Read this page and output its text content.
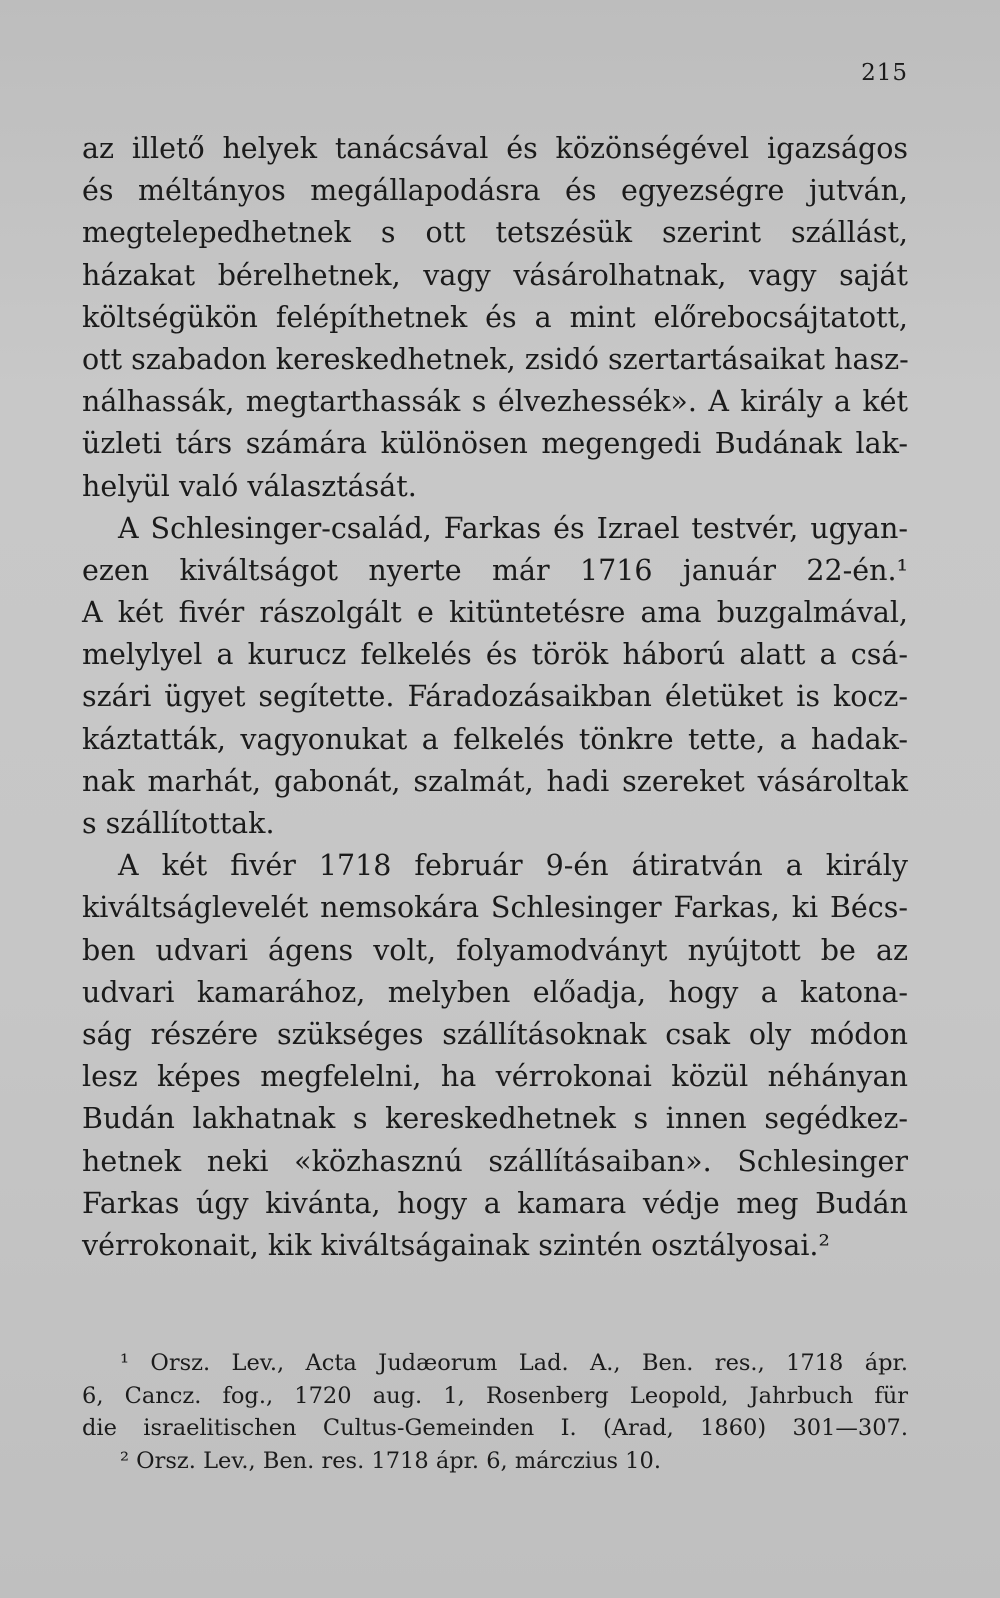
215
az illető helyek tanácsával és közönségével igazságos
és méltányos megállapodásra és egyezségre jutván,
megtelepedhetnek s ott tetszésük szerint szállást,
házakat bérelhetnek, vagy vásárolhatnak, vagy saját
költségükön felépíthetnek és a mint előrebocsájtatott,
ott szabadon kereskedhetnek, zsidó szertartásaikat hasz-
nálhassák, megtarthassák s élvezhessék». A király a két
üzleti társ számára különösen megengedi Budának lak-
helyül való választását.
A Schlesinger-család, Farkas és Izrael testvér, ugyan-
ezen kiváltságot nyerte már 1716 január 22-én.¹
A két fivér rászolgált e kitüntetésre ama buzgalmával,
melylyel a kurucz felkelés és török háború alatt a csá-
szári ügyet segítette. Fáradozásaikban életüket is kocz-
káztatták, vagyonukat a felkelés tönkre tette, a hadak-
nak marhát, gabonát, szalmát, hadi szereket vásároltak
s szállítottak.
A két fivér 1718 február 9-én átiratván a király
kiváltságlevelét nemsokára Schlesinger Farkas, ki Bécs-
ben udvari ágens volt, folyamodványt nyújtott be az
udvari kamarához, melyben előadja, hogy a katona-
ság részére szükséges szállításoknak csak oly módon
lesz képes megfelelni, ha vérrokonai közül néhányan
Budán lakhatnak s kereskedhetnek s innen segédkez-
hetnek neki «közhasznú szállításaiban». Schlesinger
Farkas úgy kivánta, hogy a kamara védje meg Budán
vérrokonait, kik kiváltságainak szintén osztályosai.²
¹ Orsz. Lev., Acta Judæorum Lad. A., Ben. res., 1718 ápr.
6, Cancz. fog., 1720 aug. 1, Rosenberg Leopold, Jahrbuch für
die israelitischen Cultus-Gemeinden I. (Arad, 1860) 301—307.
² Orsz. Lev., Ben. res. 1718 ápr. 6, márczius 10.
